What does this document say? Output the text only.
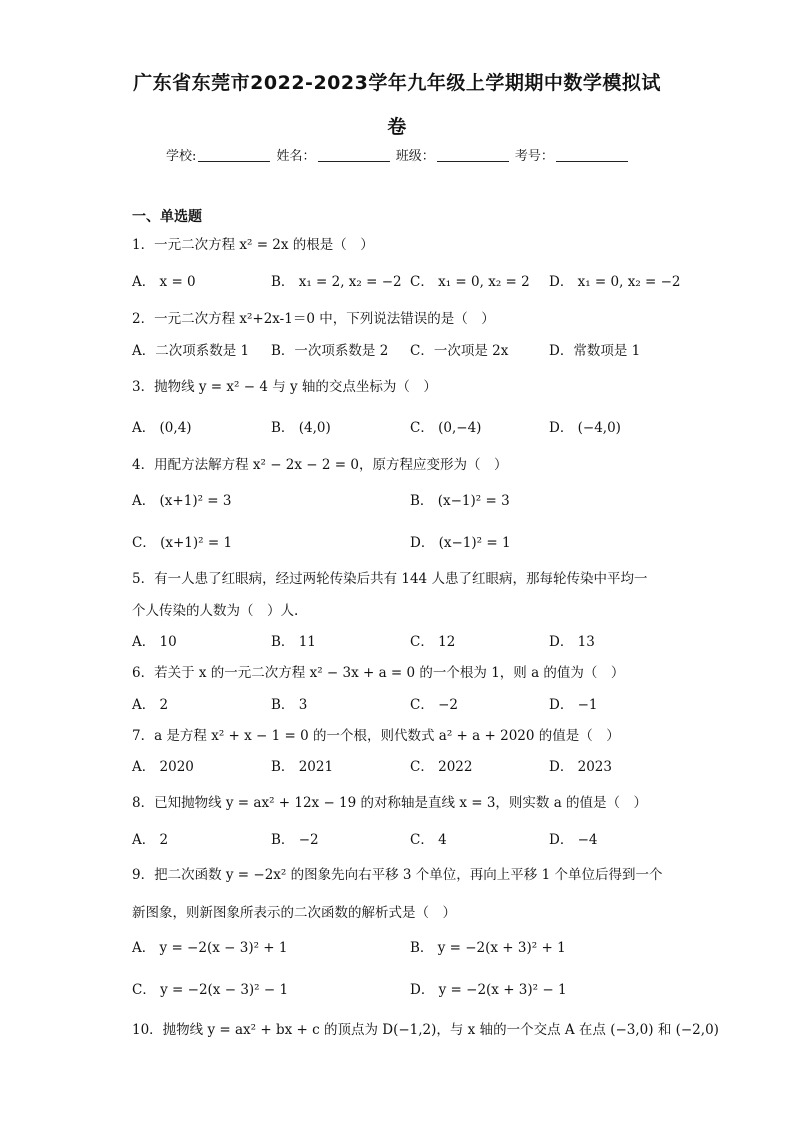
广东省东莞市2022-2023学年九年级上学期期中数学模拟试
卷
学校:	姓名：	班级：	考号：
一、单选题
1．一元二次方程 x² = 2x 的根是（　）
A． x = 0	B． x₁ = 2, x₂ = −2 C． x₁ = 0, x₂ = 2 D． x₁ = 0, x₂ = −2
2．一元二次方程 x²+2x-1＝0 中，下列说法错误的是（　）
A．二次项系数是 1 B．一次项系数是 2 C．一次项是 2x	D．常数项是 1
3．抛物线 y = x² − 4 与 y 轴的交点坐标为（　）
A． (0,4)	B． (4,0)	C． (0,−4)	D． (−4,0)
4．用配方法解方程 x² − 2x − 2 = 0，原方程应变形为（　）
A． (x+1)² = 3	B． (x−1)² = 3
C． (x+1)² = 1	D． (x−1)² = 1
5．有一人患了红眼病，经过两轮传染后共有 144 人患了红眼病，那每轮传染中平均一
个人传染的人数为（　）人.
A． 10	B． 11	C． 12	D． 13
6．若关于 x 的一元二次方程 x² − 3x + a = 0 的一个根为 1，则 a 的值为（　）
A． 2	B． 3	C． −2	D． −1
7．a 是方程 x² + x − 1 = 0 的一个根，则代数式 a² + a + 2020 的值是（　）
A． 2020	B． 2021	C． 2022	D． 2023
8．已知抛物线 y = ax² + 12x − 19 的对称轴是直线 x = 3，则实数 a 的值是（　）
A． 2	B． −2	C． 4	D． −4
9．把二次函数 y = −2x² 的图象先向右平移 3 个单位，再向上平移 1 个单位后得到一个
新图象，则新图象所表示的二次函数的解析式是（　）
A． y = −2(x − 3)² + 1	B． y = −2(x + 3)² + 1
C． y = −2(x − 3)² − 1	D． y = −2(x + 3)² − 1
10．抛物线 y = ax² + bx + c 的顶点为 D(−1,2)，与 x 轴的一个交点 A 在点 (−3,0) 和 (−2,0)
